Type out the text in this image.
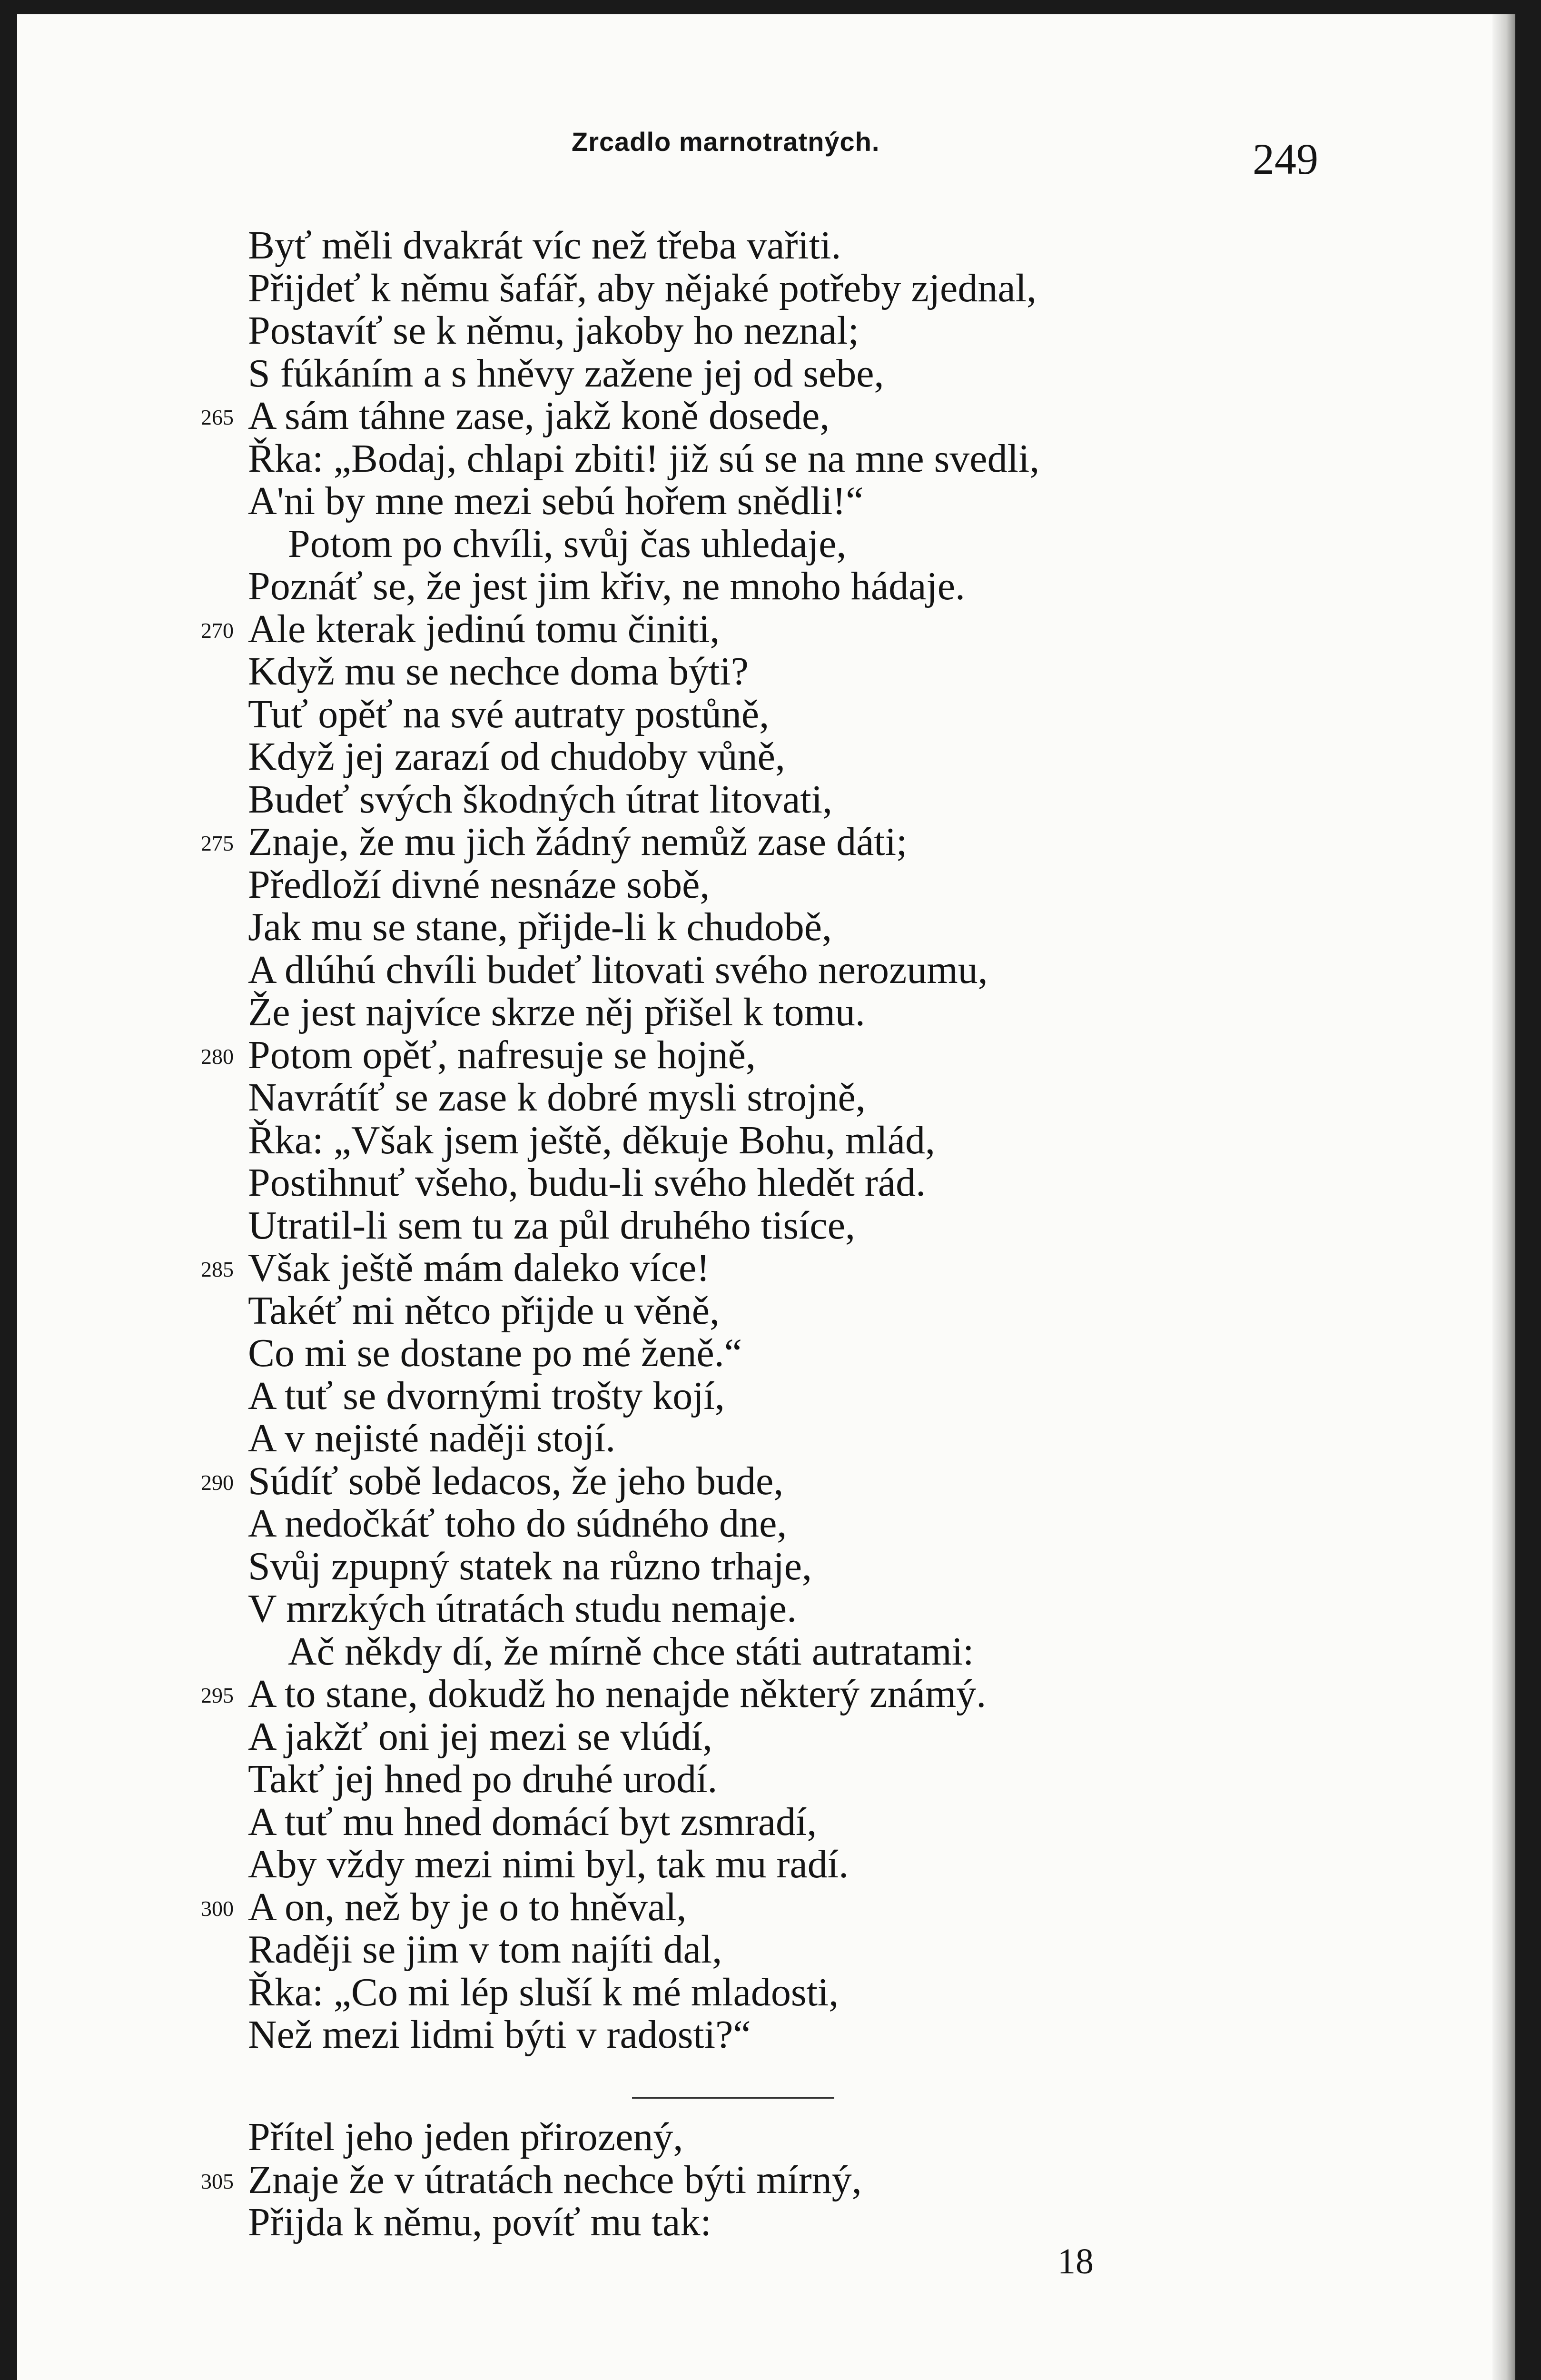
Zrcadlo marnotratných.	249
Byť měli dvakrát víc než třeba vařiti.
Přijdeť k němu šafář, aby nějaké potřeby zjednal,
Postavíť se k němu, jakoby ho neznal;
S fúkáním a s hněvy zažene jej od sebe,
265 A sám táhne zase, jakž koně dosede,
Řka: „Bodaj, chlapi zbiti! již sú se na mne svedli,
A'ni by mne mezi sebú hořem snědli!“
Potom po chvíli, svůj čas uhledaje,
Poznáť se, že jest jim křiv, ne mnoho hádaje.
270 Ale kterak jedinú tomu činiti,
Když mu se nechce doma býti?
Tuť opěť na své autraty postůně,
Když jej zarazí od chudoby vůně,
Budeť svých škodných útrat litovati,
275 Znaje, že mu jich žádný nemůž zase dáti;
Předloží divné nesnáze sobě,
Jak mu se stane, přijde-li k chudobě,
A dlúhú chvíli budeť litovati svého nerozumu,
Že jest najvíce skrze něj přišel k tomu.
280 Potom opěť, nafresuje se hojně,
Navrátíť se zase k dobré mysli strojně,
Řka: „Však jsem ještě, děkuje Bohu, mlád,
Postihnuť všeho, budu-li svého hledět rád.
Utratil-li sem tu za půl druhého tisíce,
285 Však ještě mám daleko více!
Takéť mi nětco přijde u věně,
Co mi se dostane po mé ženě.“
A tuť se dvornými trošty kojí,
A v nejisté naději stojí.
290 Súdíť sobě ledacos, že jeho bude,
A nedočkáť toho do súdného dne,
Svůj zpupný statek na různo trhaje,
V mrzkých útratách studu nemaje.
Ač někdy dí, že mírně chce státi autratami:
295 A to stane, dokudž ho nenajde některý známý.
A jakžť oni jej mezi se vlúdí,
Takť jej hned po druhé urodí.
A tuť mu hned domácí byt zsmradí,
Aby vždy mezi nimi byl, tak mu radí.
300 A on, než by je o to hněval,
Raději se jim v tom najíti dal,
Řka: „Co mi lép sluší k mé mladosti,
Než mezi lidmi býti v radosti?“
Přítel jeho jeden přirozený,
305 Znaje že v útratách nechce býti mírný,
Přijda k němu, povíť mu tak:
18
